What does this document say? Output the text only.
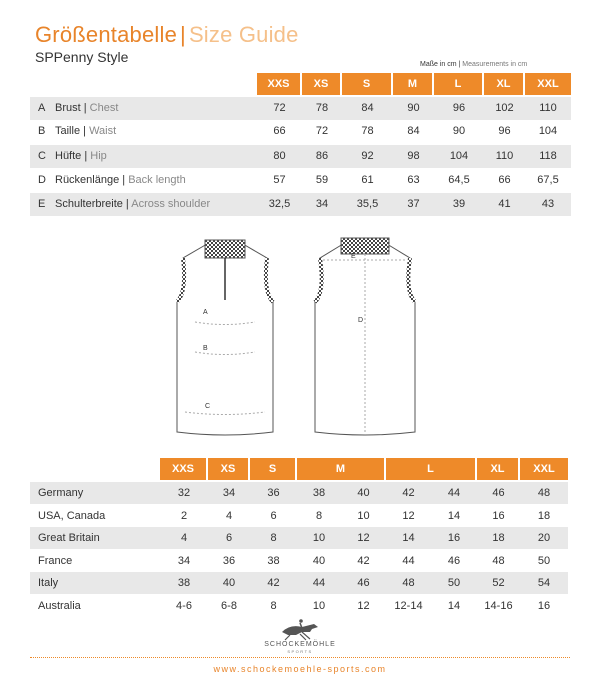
Größentabelle | Size Guide
SPPenny Style	Maße in cm | Measurements in cm
XXS	XS	S	M	L	XL	XXL
A Brust | Chest	72	78	84	90	96	102	110
B Taille | Waist	66	72	78	84	90	96	104
C Hüfte | Hip	80	86	92	98	104	110	118
D Rückenlänge | Back length	57	59	61	63	64,5	66	67,5
E Schulterbreite | Across shoulder	32,5	34	35,5	37	39	41	43
A
B
C
E
D
XXS	XS	S	M	L	XL	XXL
Germany	32	34	36	38	40	42	44	46	48
USA, Canada	2	4	6	8	10	12	14	16	18
Great Britain	4	6	8	10	12	14	16	18	20
France	34	36	38	40	42	44	46	48	50
Italy	38	40	42	44	46	48	50	52	54
Australia	4-6	6-8	8	10	12	12-14	14	14-16	16
SCHOCKEMÖHLE
SPORTS
www.schockemoehle-sports.com
